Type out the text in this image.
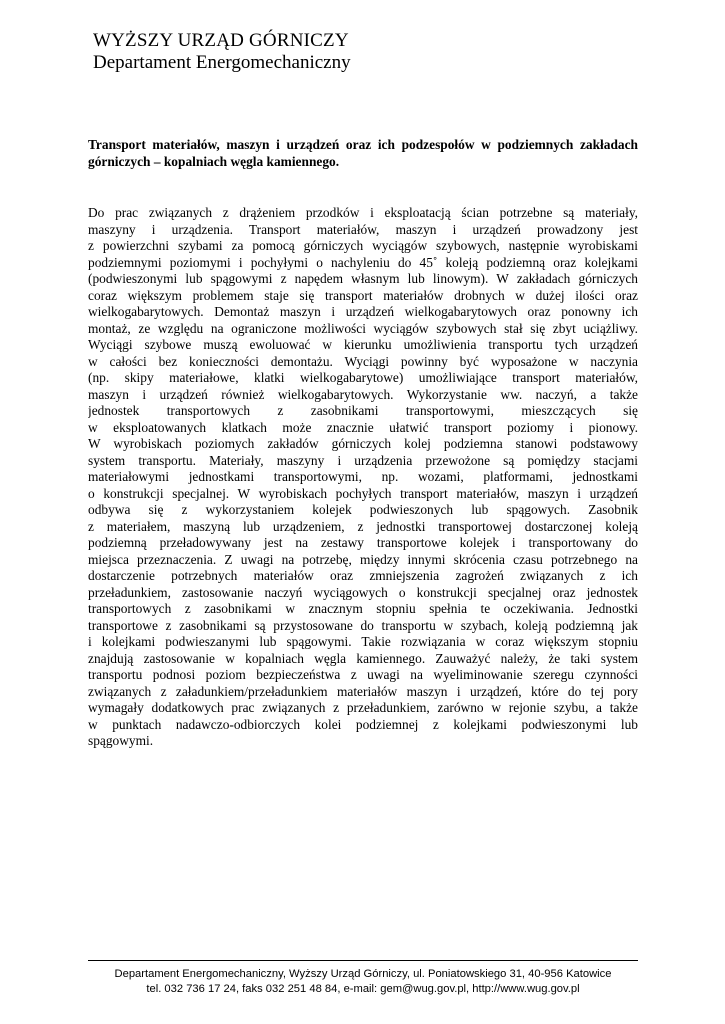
WYŻSZY URZĄD GÓRNICZY
Departament Energomechaniczny
Transport materiałów, maszyn i urządzeń oraz ich podzespołów w podziemnych zakładach górniczych – kopalniach węgla kamiennego.
Do prac związanych z drążeniem przodków i eksploatacją ścian potrzebne są materiały,
maszyny i urządzenia. Transport materiałów, maszyn i urządzeń prowadzony jest
z powierzchni szybami za pomocą górniczych wyciągów szybowych, następnie wyrobiskami
podziemnymi poziomymi i pochyłymi o nachyleniu do 45˚ koleją podziemną oraz kolejkami
(podwieszonymi lub spągowymi z napędem własnym lub linowym). W zakładach górniczych
coraz większym problemem staje się transport materiałów drobnych w dużej ilości oraz
wielkogabarytowych. Demontaż maszyn i urządzeń wielkogabarytowych oraz ponowny ich
montaż, ze względu na ograniczone możliwości wyciągów szybowych stał się zbyt uciążliwy.
Wyciągi szybowe muszą ewoluować w kierunku umożliwienia transportu tych urządzeń
w całości bez konieczności demontażu. Wyciągi powinny być wyposażone w naczynia
(np. skipy materiałowe, klatki wielkogabarytowe) umożliwiające transport materiałów,
maszyn i urządzeń również wielkogabarytowych. Wykorzystanie ww. naczyń, a także
jednostek transportowych z zasobnikami transportowymi, mieszczących się
w eksploatowanych klatkach może znacznie ułatwić transport poziomy i pionowy.
W wyrobiskach poziomych zakładów górniczych kolej podziemna stanowi podstawowy
system transportu. Materiały, maszyny i urządzenia przewożone są pomiędzy stacjami
materiałowymi jednostkami transportowymi, np. wozami, platformami, jednostkami
o konstrukcji specjalnej. W wyrobiskach pochyłych transport materiałów, maszyn i urządzeń
odbywa się z wykorzystaniem kolejek podwieszonych lub spągowych. Zasobnik
z materiałem, maszyną lub urządzeniem, z jednostki transportowej dostarczonej koleją
podziemną przeładowywany jest na zestawy transportowe kolejek i transportowany do
miejsca przeznaczenia. Z uwagi na potrzebę, między innymi skrócenia czasu potrzebnego na
dostarczenie potrzebnych materiałów oraz zmniejszenia zagrożeń związanych z ich
przeładunkiem, zastosowanie naczyń wyciągowych o konstrukcji specjalnej oraz jednostek
transportowych z zasobnikami w znacznym stopniu spełnia te oczekiwania. Jednostki
transportowe z zasobnikami są przystosowane do transportu w szybach, koleją podziemną jak
i kolejkami podwieszanymi lub spągowymi. Takie rozwiązania w coraz większym stopniu
znajdują zastosowanie w kopalniach węgla kamiennego. Zauważyć należy, że taki system
transportu podnosi poziom bezpieczeństwa z uwagi na wyeliminowanie szeregu czynności
związanych z załadunkiem/przeładunkiem materiałów maszyn i urządzeń, które do tej pory
wymagały dodatkowych prac związanych z przeładunkiem, zarówno w rejonie szybu, a także
w punktach nadawczo-odbiorczych kolei podziemnej z kolejkami podwieszonymi lub
spągowymi.
Departament Energomechaniczny, Wyższy Urząd Górniczy, ul. Poniatowskiego 31, 40-956 Katowice
tel. 032 736 17 24, faks 032 251 48 84, e-mail: gem@wug.gov.pl, http://www.wug.gov.pl
